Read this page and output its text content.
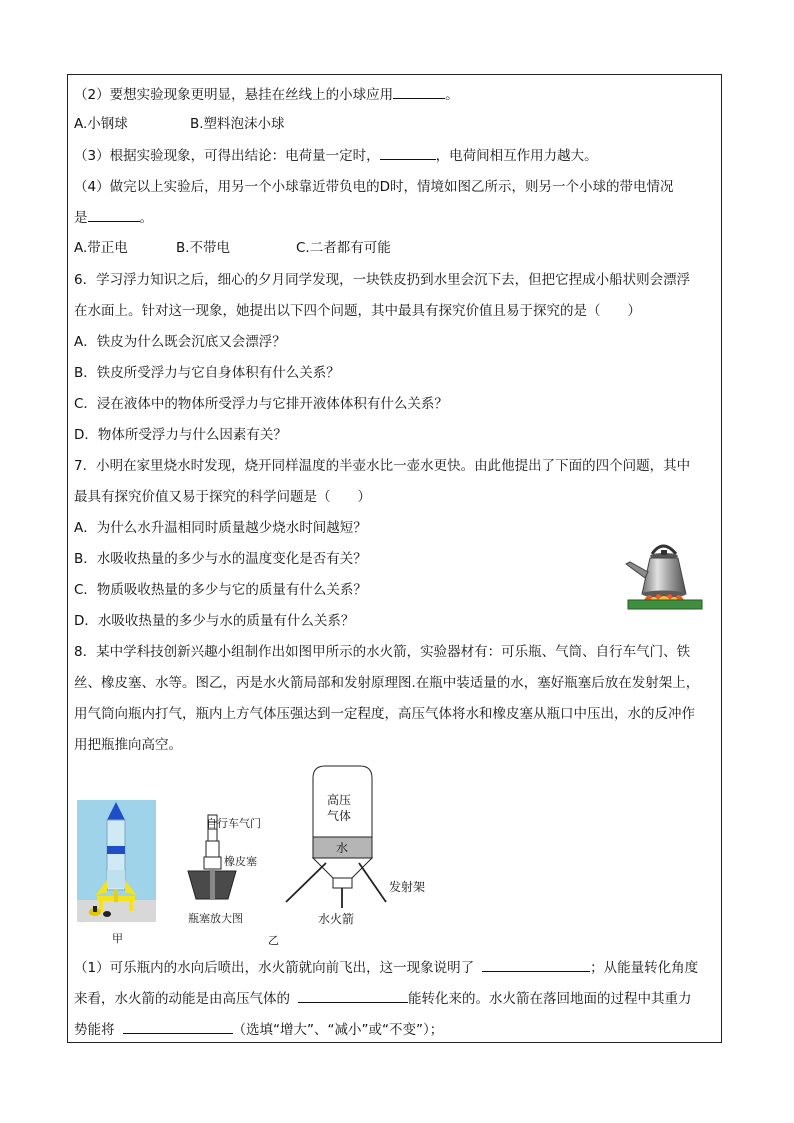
（2）要想实验现象更明显，悬挂在丝线上的小球应用	。
A.小钢球	B.塑料泡沫小球
（3）根据实验现象，可得出结论：电荷量一定时，	，电荷间相互作用力越大。
（4）做完以上实验后，用另一个小球靠近带负电的D时，情境如图乙所示，则另一个小球的带电情况
是	。
A.带正电	B.不带电	C.二者都有可能
6．学习浮力知识之后，细心的夕月同学发现，一块铁皮扔到水里会沉下去，但把它捏成小船状则会漂浮
在水面上。针对这一现象，她提出以下四个问题，其中最具有探究价值且易于探究的是（　　）
A．铁皮为什么既会沉底又会漂浮？
B．铁皮所受浮力与它自身体积有什么关系？
C．浸在液体中的物体所受浮力与它排开液体体积有什么关系？
D．物体所受浮力与什么因素有关？
7．小明在家里烧水时发现，烧开同样温度的半壶水比一壶水更快。由此他提出了下面的四个问题，其中
最具有探究价值又易于探究的科学问题是（　　）
A．为什么水升温相同时质量越少烧水时间越短？
B．水吸收热量的多少与水的温度变化是否有关？
C．物质吸收热量的多少与它的质量有什么关系？
D．水吸收热量的多少与水的质量有什么关系？
8．某中学科技创新兴趣小组制作出如图甲所示的水火箭，实验器材有：可乐瓶、气筒、自行车气门、铁
丝、橡皮塞、水等。图乙，丙是水火箭局部和发射原理图.在瓶中装适量的水，塞好瓶塞后放在发射架上，
用气筒向瓶内打气，瓶内上方气体压强达到一定程度，高压气体将水和橡皮塞从瓶口中压出，水的反冲作
用把瓶推向高空。
甲
自行车气门
橡皮塞
瓶塞放大图
乙
高压
气体
水
发射架
水火箭
（1）可乐瓶内的水向后喷出，水火箭就向前飞出，这一现象说明了	；从能量转化角度
来看，水火箭的动能是由高压气体的	能转化来的。水火箭在落回地面的过程中其重力
势能将	（选填“增大”、“减小”或“不变”）；
